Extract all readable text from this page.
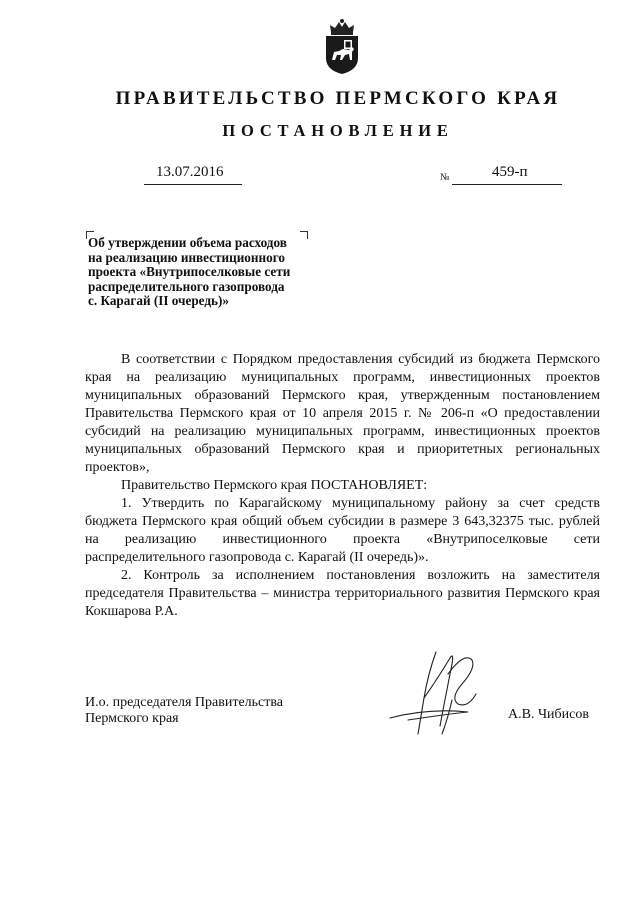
ПРАВИТЕЛЬСТВО ПЕРМСКОГО КРАЯ
ПОСТАНОВЛЕНИЕ
13.07.2016	№	459-п
Об утверждении объема расходов
на реализацию инвестиционного
проекта «Внутрипоселковые сети
распределительного газопровода
с. Карагай (II очередь)»

В соответствии с Порядком предоставления субсидий из бюджета Пермского края на реализацию муниципальных программ, инвестиционных проектов муниципальных образований Пермского края, утвержденным постановлением Правительства Пермского края от 10 апреля 2015 г. № 206-п «О предоставлении субсидий на реализацию муниципальных программ, инвестиционных проектов муниципальных образований Пермского края и приоритетных региональных проектов»,

Правительство Пермского края ПОСТАНОВЛЯЕТ:

1. Утвердить по Карагайскому муниципальному району за счет средств бюджета Пермского края общий объем субсидии в размере 3 643,32375 тыс. рублей на реализацию инвестиционного проекта «Внутрипоселковые сети распределительного газопровода с. Карагай (II очередь)».

2. Контроль за исполнением постановления возложить на заместителя председателя Правительства – министра территориального развития Пермского края Кокшарова Р.А.

И.о. председателя Правительства
Пермского края	А.В. Чибисов
